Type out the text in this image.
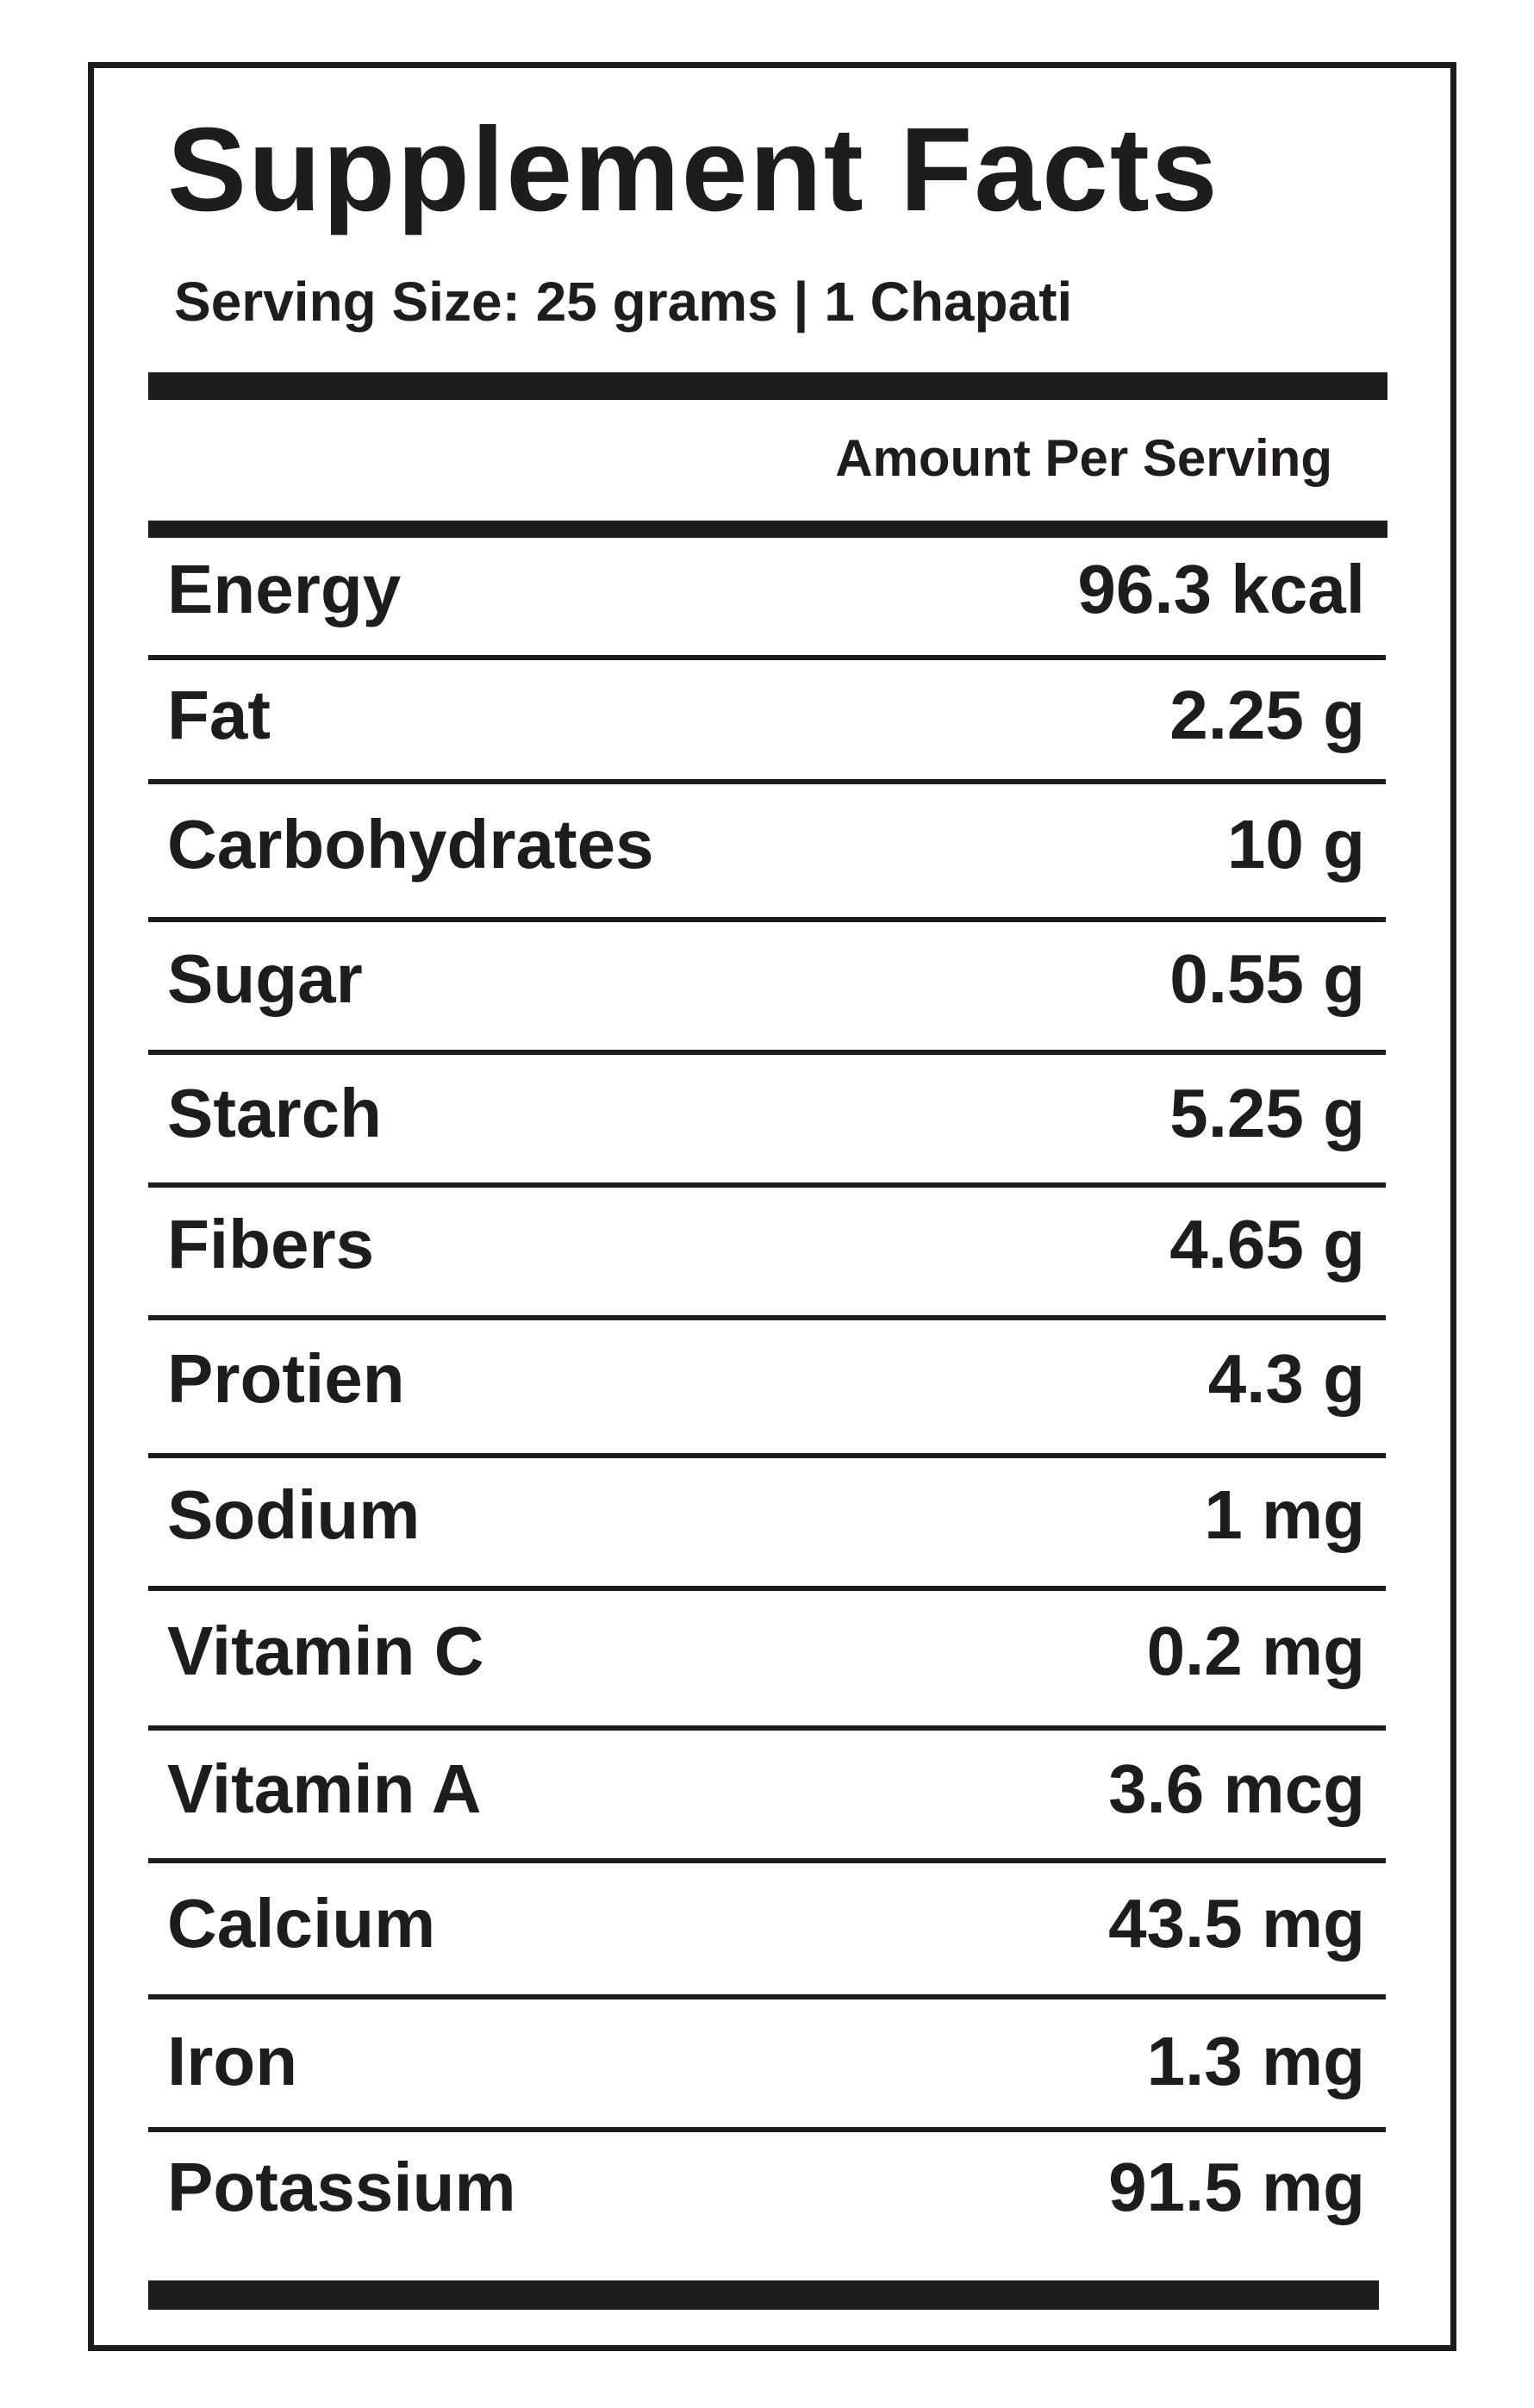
Supplement Facts
Serving Size: 25 grams | 1 Chapati
Amount Per Serving
Energy	96.3 kcal
Fat	2.25 g
Carbohydrates	10 g
Sugar	0.55 g
Starch	5.25 g
Fibers	4.65 g
Protien	4.3 g
Sodium	1 mg
Vitamin C	0.2 mg
Vitamin A	3.6 mcg
Calcium	43.5 mg
Iron	1.3 mg
Potassium	91.5 mg
